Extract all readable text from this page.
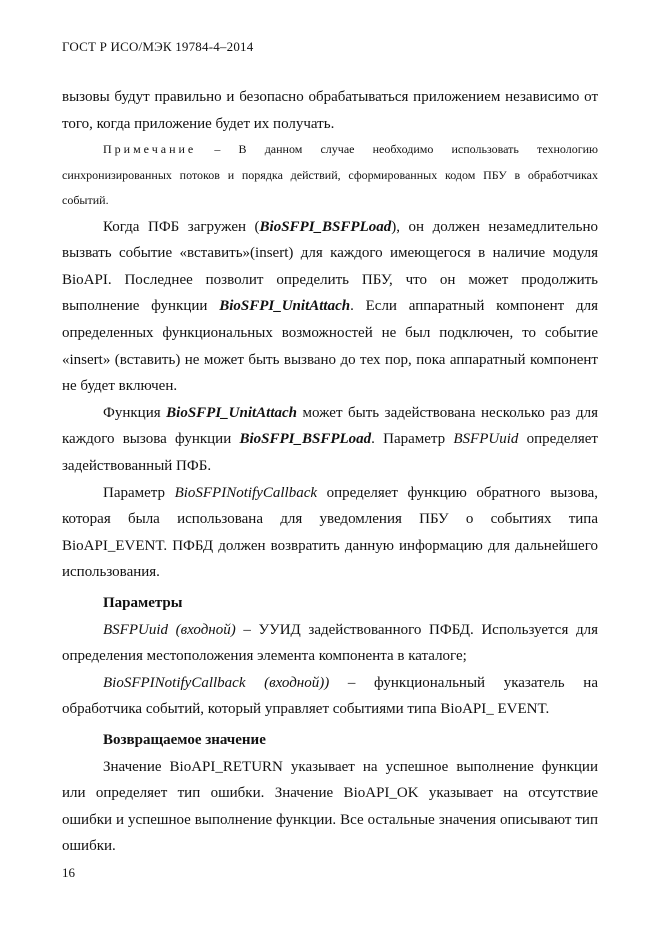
ГОСТ Р ИСО/МЭК 19784-4–2014

вызовы будут правильно и безопасно обрабатываться приложением независимо от того, когда приложение будет их получать.

Примечание – В данном случае необходимо использовать технологию синхронизированных потоков и порядка действий, сформированных кодом ПБУ в обработчиках событий.

Когда ПФБ загружен (BioSFPI_BSFPLoad), он должен незамедлительно вызвать событие «вставить»(insert) для каждого имеющегося в наличие модуля BioAPI. Последнее позволит определить ПБУ, что он может продолжить выполнение функции BioSFPI_UnitAttach. Если аппаратный компонент для определенных функциональных возможностей не был подключен, то событие «insert» (вставить) не может быть вызвано до тех пор, пока аппаратный компонент не будет включен.

Функция BioSFPI_UnitAttach может быть задействована несколько раз для каждого вызова функции BioSFPI_BSFPLoad. Параметр BSFPUuid определяет задействованный ПФБ.

Параметр BioSFPINotifyCallback определяет функцию обратного вызова, которая была использована для уведомления ПБУ о событиях типа BioAPI_EVENT. ПФБД должен возвратить данную информацию для дальнейшего использования.

Параметры

BSFPUuid (входной) – УУИД задействованного ПФБД. Используется для определения местоположения элемента компонента в каталоге;

BioSFPINotifyCallback (входной)) – функциональный указатель на обработчика событий, который управляет событиями типа BioAPI_ EVENT.

Возвращаемое значение

Значение BioAPI_RETURN указывает на успешное выполнение функции или определяет тип ошибки. Значение BioAPI_OK указывает на отсутствие ошибки и успешное выполнение функции. Все остальные значения описывают тип ошибки.

16
